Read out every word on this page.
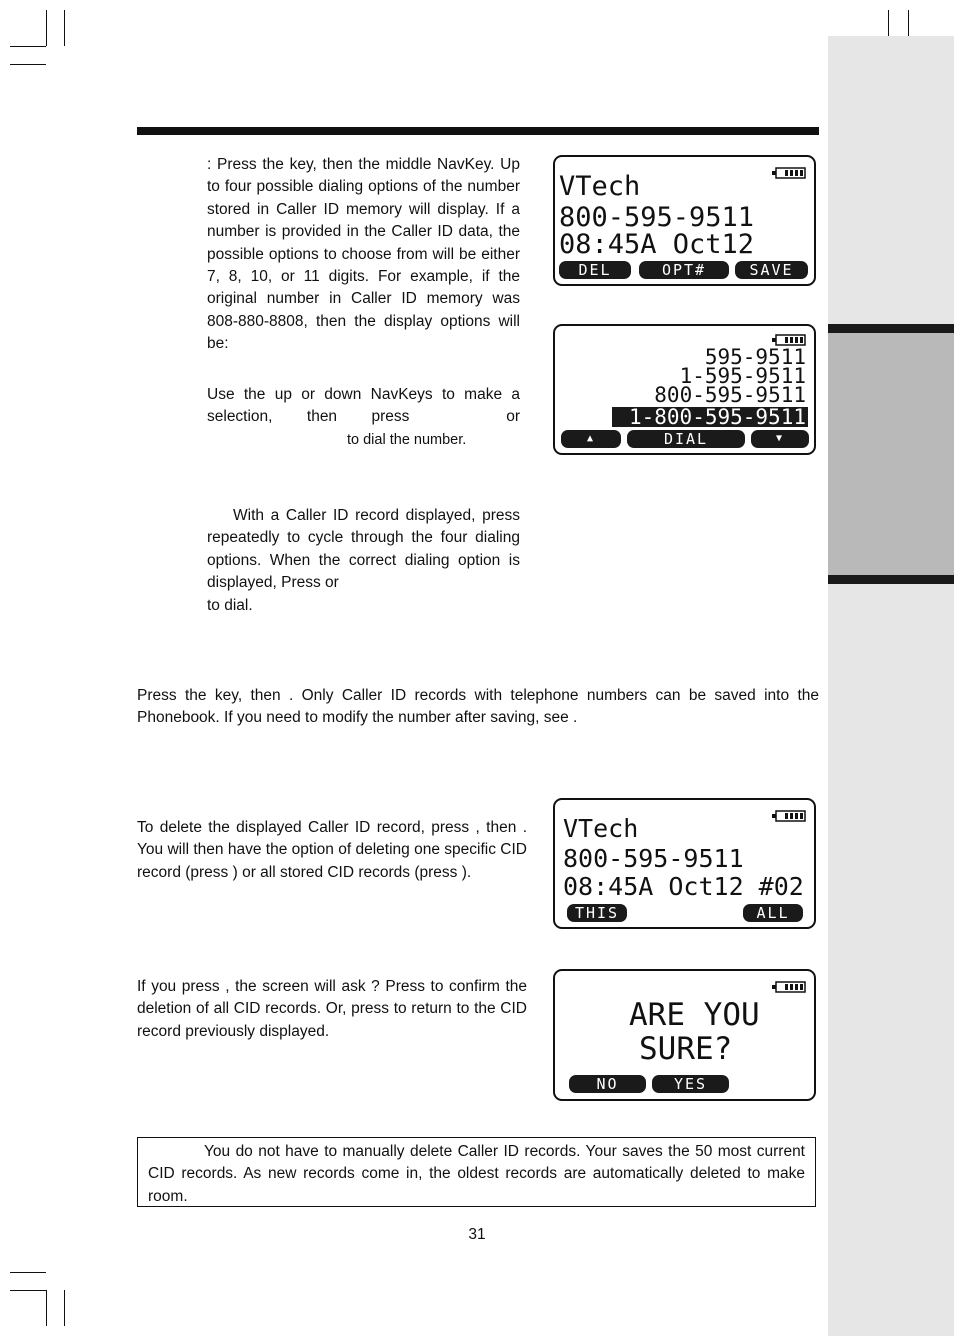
: Press the key, then the middle NavKey. Up to four possible dialing options of the number stored in Caller ID memory will display. If a number is provided in the Caller ID data, the possible options to choose from will be either 7, 8, 10, or 11 digits. For example, if the original number in Caller ID memory was 808-880-8808, then the display options will be:

Use the up or down NavKeys to make a selection, then press	or
to dial the number.

With a Caller ID record displayed, press repeatedly to cycle through the four dialing options. When the correct dialing option is displayed, Press or

to dial.

Press the key, then . Only Caller ID records with telephone numbers can be saved into the Phonebook. If you need to modify the number after saving, see .

To delete the displayed Caller ID record, press , then . You will then have the option of deleting one specific CID record (press ) or all stored CID records (press ).

If you press , the screen will ask ? Press to confirm the deletion of all CID records. Or, press to return to the CID record previously displayed.

VTech
800-595-9511
08:45A Oct12
DEL	OPT#	SAVE
595-9511
1-595-9511
800-595-9511
1-800-595-9511
▲	DIAL	▼
VTech
800-595-9511
08:45A Oct12 #02
THIS	ALL
ARE YOU
SURE?
NO	YES

You do not have to manually delete Caller ID records. Your saves the 50 most current CID records. As new records come in, the oldest records are automatically deleted to make room.

31
